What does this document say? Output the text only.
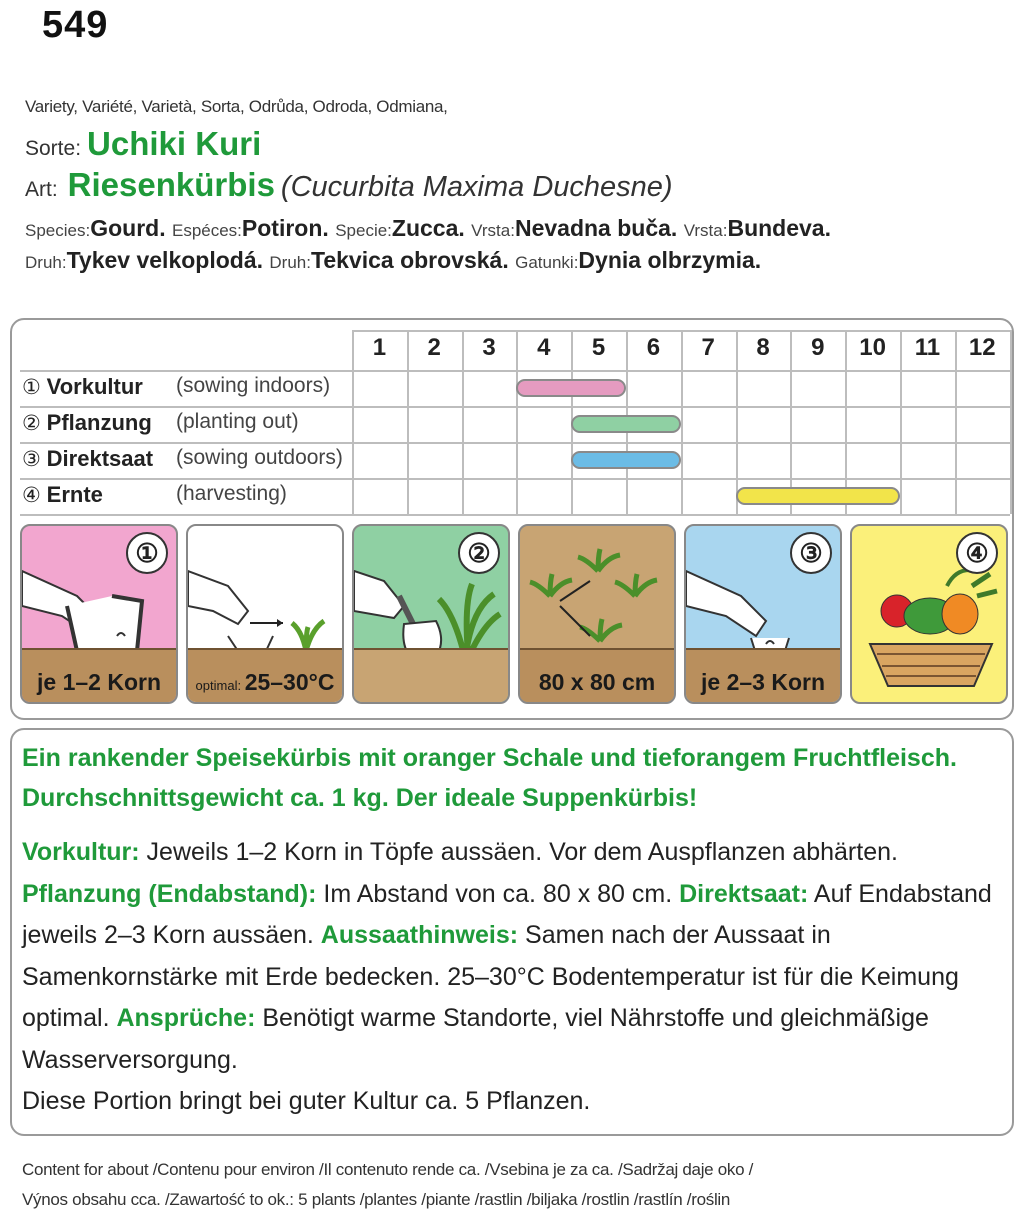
549
Variety, Variété, Varietà, Sorta, Odrůda, Odroda, Odmiana,
Sorte: Uchiki Kuri
Art: Riesenkürbis (Cucurbita Maxima Duchesne)
Species:Gourd. Espéces:Potiron. Specie:Zucca. Vrsta:Nevadna buča. Vrsta:Bundeva.
Druh:Tykev velkoplodá. Druh:Tekvica obrovská. Gatunki:Dynia olbrzymia.
Ein rankender Speisekürbis mit oranger Schale und tieforangem Fruchtfleisch. Durchschnittsgewicht ca. 1 kg. Der ideale Suppenkürbis!
Vorkultur: Jeweils 1–2 Korn in Töpfe aussäen. Vor dem Auspflanzen abhärten. Pflanzung (Endabstand): Im Abstand von ca. 80 x 80 cm. Direktsaat: Auf Endabstand jeweils 2–3 Korn aussäen. Aussaathinweis: Samen nach der Aussaat in Samenkornstärke mit Erde bedecken. 25–30°C Bodentemperatur ist für die Keimung optimal. Ansprüche: Benötigt warme Standorte, viel Nährstoffe und gleichmäßige Wasserversorgung.
Diese Portion bringt bei guter Kultur ca. 5 Pflanzen.
Content for about /Contenu pour environ /Il contenuto rende ca. /Vsebina je za ca. /Sadržaj daje oko /
Výnos obsahu cca. /Zawartość to ok.: 5 plants /plantes /piante /rastlin /biljaka /rostlin /rastlín /roślin
1	2	3	4	5	6	7	8	9	10	11	12
① Vorkultur (sowing indoors)
② Pflanzung (planting out)
③ Direktsaat (sowing outdoors)
④ Ernte	(harvesting)
①
je 1–2 Korn	optimal: 25–30°C
②
80 x 80 cm
③
je 2–3 Korn
④
